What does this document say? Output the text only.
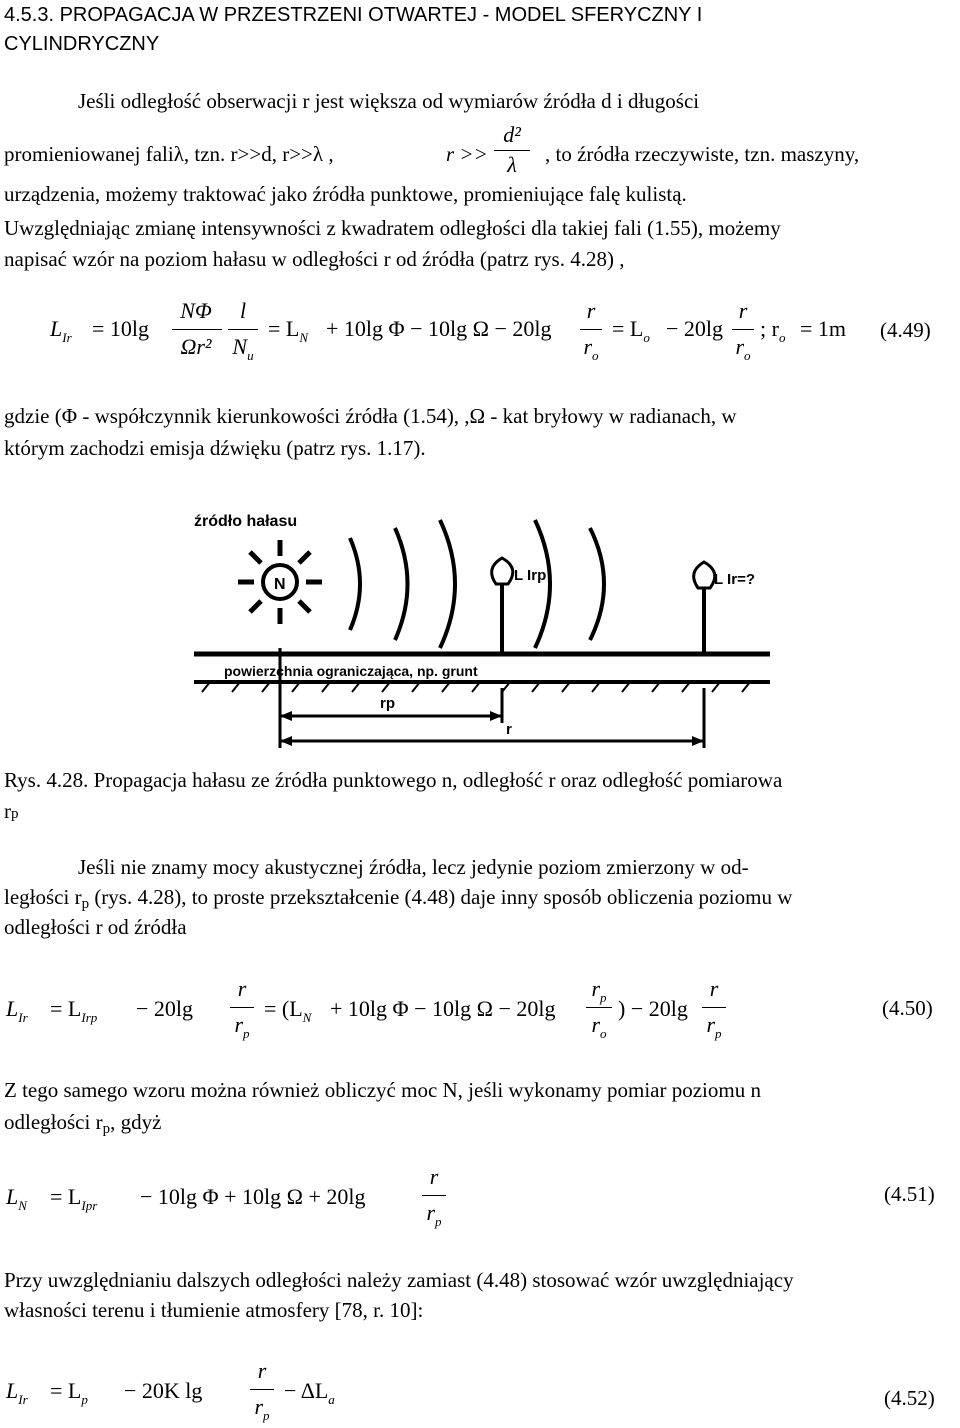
4.5.3. PROPAGACJA W PRZESTRZENI OTWARTEJ - MODEL SFERYCZNY I
CYLINDRYCZNY
Jeśli odległość obserwacji r jest większa od wymiarów źródła d i długości
promieniowanej faliλ, tzn. r>>d, r>>λ ,	r >>
d²
λ	, to źródła rzeczywiste, tzn. maszyny,
urządzenia, możemy traktować jako źródła punktowe, promieniujące falę kulistą.
Uwzględniając zmianę intensywności z kwadratem odległości dla takiej fali (1.55), możemy
napisać wzór na poziom hałasu w odległości r od źródła (patrz rys. 4.28) ,
$L_{Ir} = 10\lg$
NΦ
Ωr²
l
$N_u$
= $L_N + 10\lg$ Φ − 10lg Ω − 20lg
r
$r_o$
= $L_o - 20\lg$
r
$r_o$
; $r_o = 1m$ (4.49)
gdzie (Φ - współczynnik kierunkowości źródła (1.54), ,Ω - kat bryłowy w radianach, w
którym zachodzi emisja dźwięku (patrz rys. 1.17).
źródło hałasu
N
L Irp	L Ir=?
powierzchnia ograniczająca, np. grunt
rp
r
Rys. 4.28. Propagacja hałasu ze źródła punktowego n, odległość r oraz odległość pomiarowa
rp
Jeśli nie znamy mocy akustycznej źródła, lecz jedynie poziom zmierzony w od-
ległości rp (rys. 4.28), to proste przekształcenie (4.48) daje inny sposób obliczenia poziomu w
odległości r od źródła
$L_{Ir} = L_{Irp} - 20\lg$
r
$r_p$
= ($L_N + 10\lg$ Φ − 10lg Ω − 20lg
$r_p$
$r_o$
) − 20lg
r
$r_p$
(4.50)
Z tego samego wzoru można również obliczyć moc N, jeśli wykonamy pomiar poziomu n
odległości rp, gdyż
$L_N = L_{Ipr} - 10\lg$ Φ + 10lg Ω + 20lg
r
$r_p$
(4.51)
Przy uwzględnianiu dalszych odległości należy zamiast (4.48) stosować wzór uwzględniający
własności terenu i tłumienie atmosfery [78, r. 10]:
$L_{Ir} = L_p - 20K$ lg
r
$r_p$
− $\Delta L_a$	(4.52)
